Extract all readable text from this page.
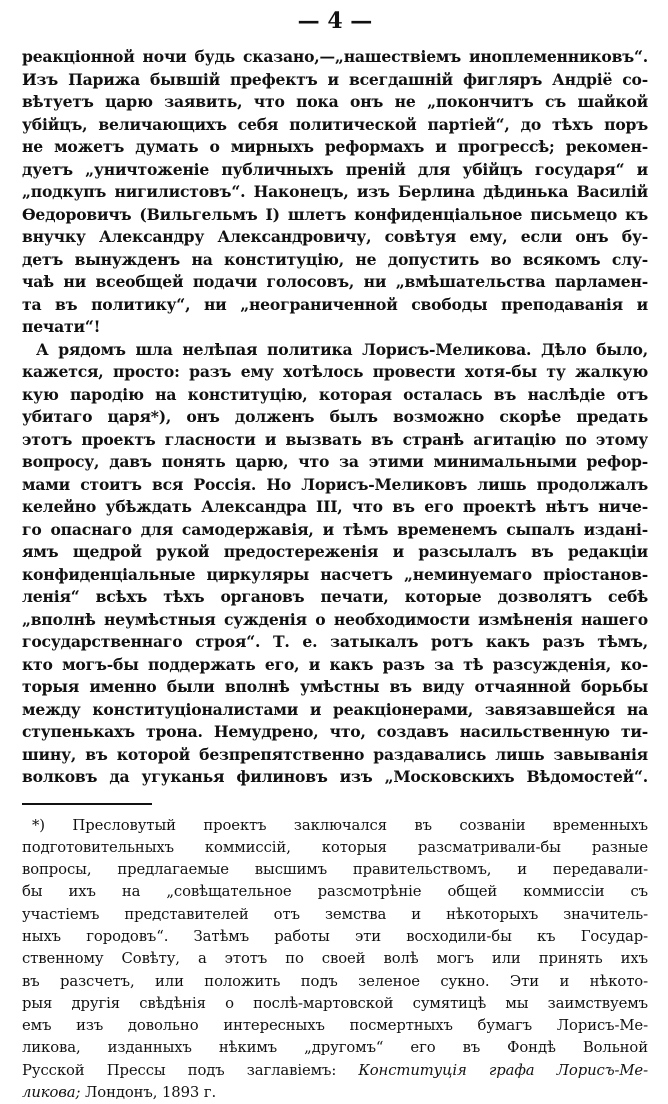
— 4 —
реакціонной ночи будь сказано,—„нашествіемъ иноплеменниковъ“.
Изъ Парижа бывшій префектъ и всегдашній фигляръ Андріё со-
вѣтуетъ царю заявить, что пока онъ не „покончитъ съ шайкой
убійцъ, величающихъ себя политической партіей“, до тѣхъ поръ
не можетъ думать о мирныхъ реформахъ и прогрессѣ; рекомен-
дуетъ „уничтоженіе публичныхъ преній для убійцъ государя“ и
„подкупъ нигилистовъ“. Наконецъ, изъ Берлина дѣдинька Василій
Ѳедоровичъ (Вильгельмъ I) шлетъ конфиденціальное письмецо къ
внучку Александру Александровичу, совѣтуя ему, если онъ бу-
детъ вынужденъ на конституцію, не допустить во всякомъ слу-
чаѣ ни всеобщей подачи голосовъ, ни „вмѣшательства парламен-
та въ политику“, ни „неограниченной свободы преподаванія и
печати“!
А рядомъ шла нелѣпая политика Лорисъ-Меликова. Дѣло было,
кажется, просто: разъ ему хотѣлось провести хотя-бы ту жалкую
кую пародію на конституцію, которая осталась въ наслѣдіе отъ
убитаго царя*), онъ долженъ былъ возможно скорѣе предать
этотъ проектъ гласности и вызвать въ странѣ агитацію по этому
вопросу, давъ понять царю, что за этими минимальными рефор-
мами стоитъ вся Россія. Но Лорисъ-Меликовъ лишь продолжалъ
келейно убѣждать Александра III, что въ его проектѣ нѣтъ ниче-
го опаснаго для самодержавія, и тѣмъ временемъ сыпалъ издані-
ямъ щедрой рукой предостереженія и разсылалъ въ редакціи
конфиденціальные циркуляры насчетъ „неминуемаго пріостанов-
ленія“ всѣхъ тѣхъ органовъ печати, которые дозволятъ себѣ
„вполнѣ неумѣстныя сужденія о необходимости измѣненія нашего
государственнаго строя“. Т. е. затыкалъ ротъ какъ разъ тѣмъ,
кто могъ-бы поддержать его, и какъ разъ за тѣ разсужденія, ко-
торыя именно были вполнѣ умѣстны въ виду отчаянной борьбы
между конституціоналистами и реакціонерами, завязавшейся на
ступенькахъ трона. Немудрено, что, создавъ насильственную ти-
шину, въ которой безпрепятственно раздавались лишь завыванія
волковъ да угуканья филиновъ изъ „Московскихъ Вѣдомостей“.
*) Пресловутый проектъ заключался въ созваніи временныхъ
подготовительныхъ коммиссій, которыя разсматривали-бы разные
вопросы, предлагаемые высшимъ правительствомъ, и передавали-
бы ихъ на „совѣщательное разсмотрѣніе общей коммиссіи съ
участіемъ представителей отъ земства и нѣкоторыхъ значитель-
ныхъ городовъ“. Затѣмъ работы эти восходили-бы къ Государ-
ственному Совѣту, а этотъ по своей волѣ могъ или принять ихъ
въ разсчетъ, или положить подъ зеленое сукно. Эти и нѣкото-
рыя другія свѣдѣнія о послѣ-мартовской сумятицѣ мы заимствуемъ
емъ изъ довольно интересныхъ посмертныхъ бумагъ Лорисъ-Ме-
ликова, изданныхъ нѣкимъ „другомъ“ его въ Фондѣ Вольной
Русской Прессы подъ заглавіемъ: Конституція графа Лорисъ-Ме-
ликова; Лондонъ, 1893 г.
